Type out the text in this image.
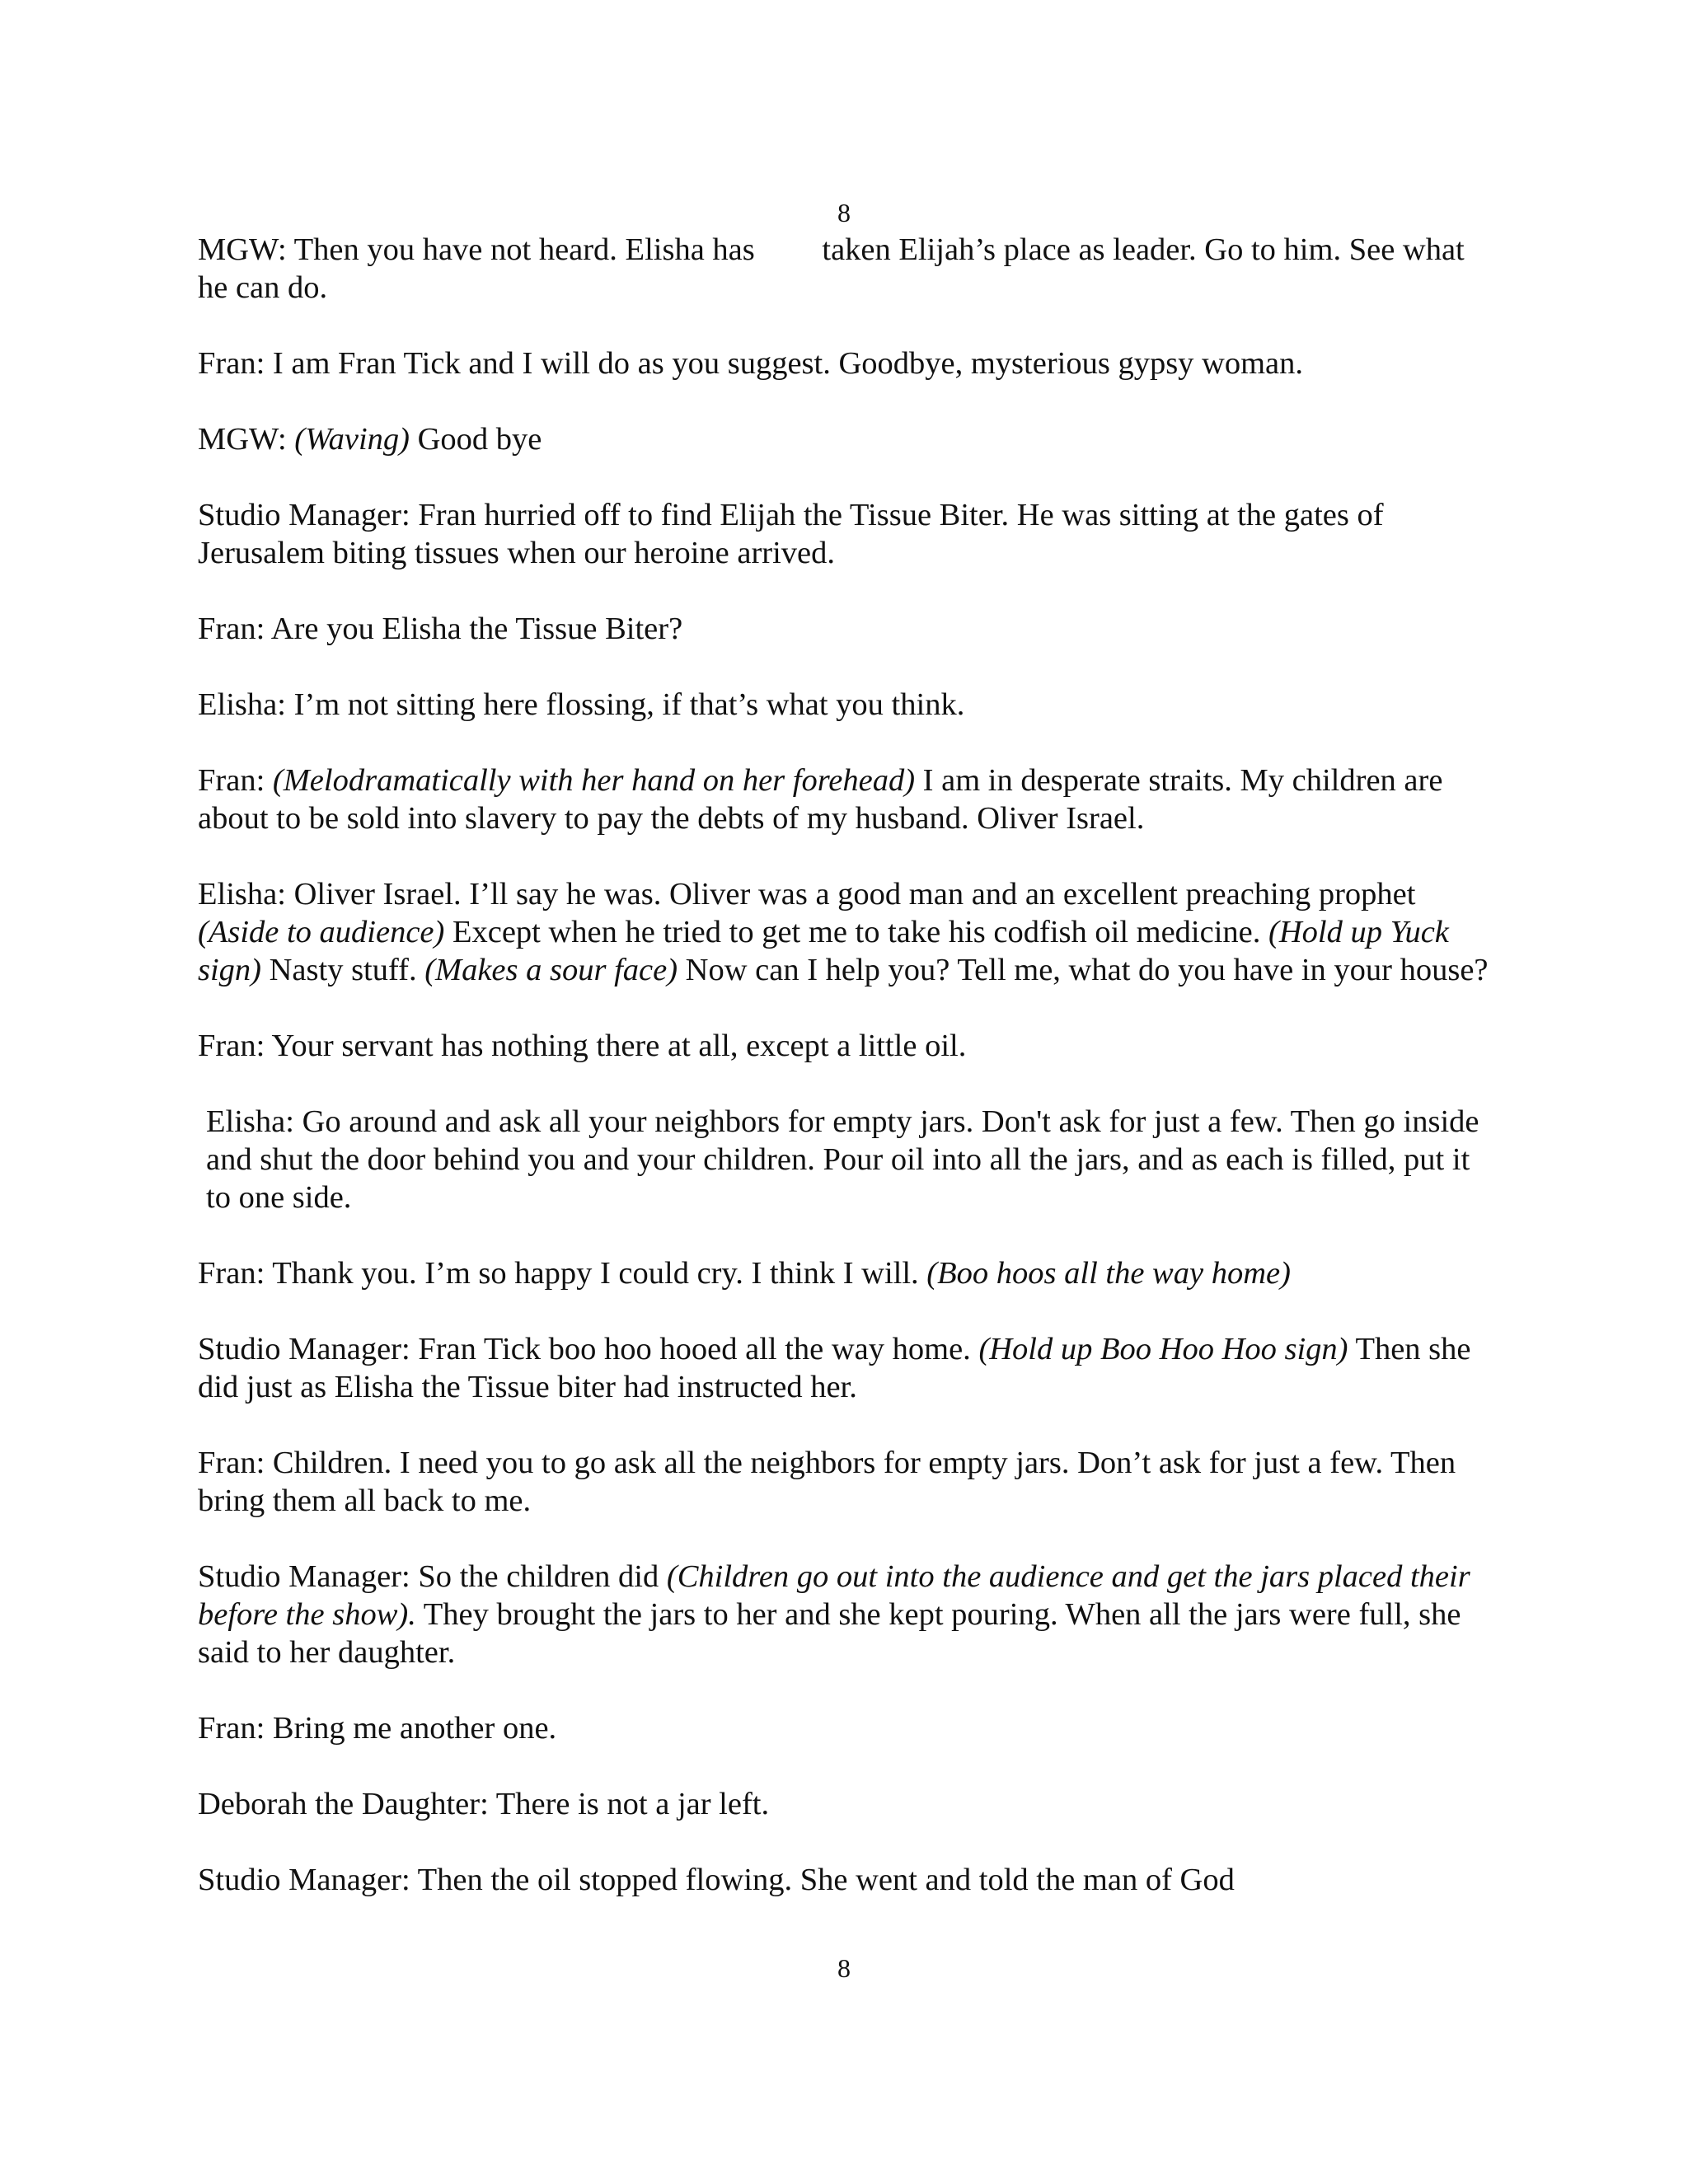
8

MGW: Then you have not heard. Elisha has taken Elijah’s place as leader. Go to him. See what he can do.

Fran: I am Fran Tick and I will do as you suggest. Goodbye, mysterious gypsy woman.

MGW: (Waving) Good bye

Studio Manager: Fran hurried off to find Elijah the Tissue Biter. He was sitting at the gates of Jerusalem biting tissues when our heroine arrived.

Fran: Are you Elisha the Tissue Biter?

Elisha: I’m not sitting here flossing, if that’s what you think.

Fran: (Melodramatically with her hand on her forehead) I am in desperate straits. My children are about to be sold into slavery to pay the debts of my husband. Oliver Israel.

Elisha: Oliver Israel. I’ll say he was. Oliver was a good man and an excellent preaching prophet (Aside to audience) Except when he tried to get me to take his codfish oil medicine. (Hold up Yuck sign) Nasty stuff. (Makes a sour face) Now can I help you? Tell me, what do you have in your house?

Fran: Your servant has nothing there at all, except a little oil.

Elisha: Go around and ask all your neighbors for empty jars. Don't ask for just a few. Then go inside and shut the door behind you and your children. Pour oil into all the jars, and as each is filled, put it to one side.

Fran: Thank you. I’m so happy I could cry. I think I will. (Boo hoos all the way home)

Studio Manager: Fran Tick boo hoo hooed all the way home. (Hold up Boo Hoo Hoo sign) Then she did just as Elisha the Tissue biter had instructed her.

Fran: Children. I need you to go ask all the neighbors for empty jars. Don’t ask for just a few. Then bring them all back to me.

Studio Manager: So the children did (Children go out into the audience and get the jars placed their before the show). They brought the jars to her and she kept pouring. When all the jars were full, she said to her daughter.

Fran: Bring me another one.

Deborah the Daughter: There is not a jar left.

Studio Manager: Then the oil stopped flowing. She went and told the man of God

8
